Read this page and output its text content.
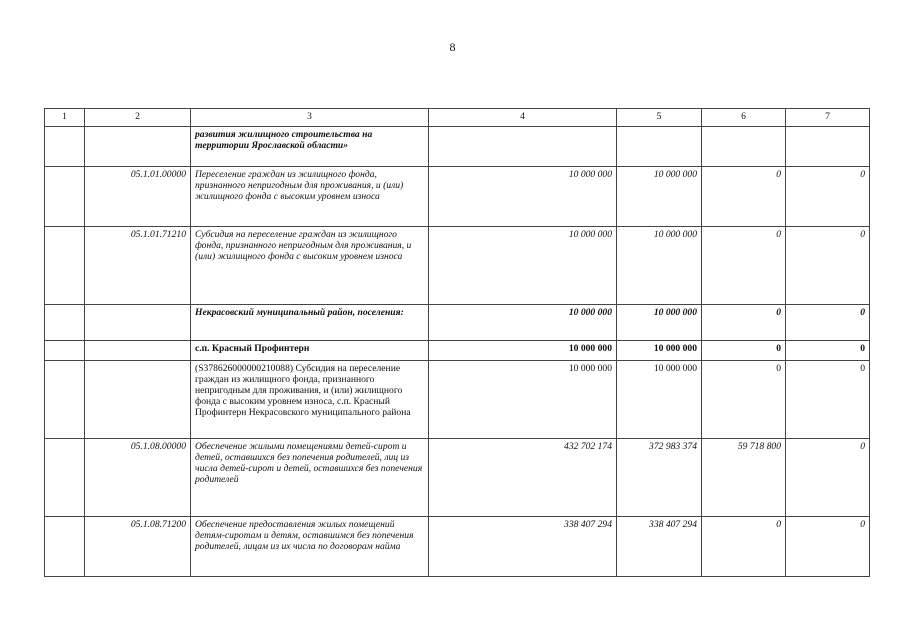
8
1	2	3	4	5	6	7
		развития жилищного строительства на территории Ярославской области»				
	05.1.01.00000	Переселение граждан из жилищного фонда, признанного непригодным для проживания, и (или) жилищного фонда с высоким уровнем износа	10 000 000	10 000 000	0	0
	05.1.01.71210	Субсидия на переселение граждан из жилищного фонда, признанного непригодным для проживания, и (или) жилищного фонда с высоким уровнем износа	10 000 000	10 000 000	0	0
		Некрасовский муниципальный район, поселения:	10 000 000	10 000 000	0	0
		с.п. Красный Профинтерн	10 000 000	10 000 000	0	0
		(S378626000000210088) Субсидия на переселение граждан из жилищного фонда, признанного непригодным для проживания, и (или) жилищного фонда с высоким уровнем износа, с.п. Красный Профинтерн Некрасовского муниципального района	10 000 000	10 000 000	0	0
	05.1.08.00000	Обеспечение жилыми помещениями детей-сирот и детей, оставшихся без попечения родителей, лиц из числа детей-сирот и детей, оставшихся без попечения родителей	432 702 174	372 983 374	59 718 800	0
	05.1.08.71200	Обеспечение предоставления жилых помещений детям-сиротам и детям, оставшимся без попечения родителей, лицам из их числа по договорам найма	338 407 294	338 407 294	0	0
